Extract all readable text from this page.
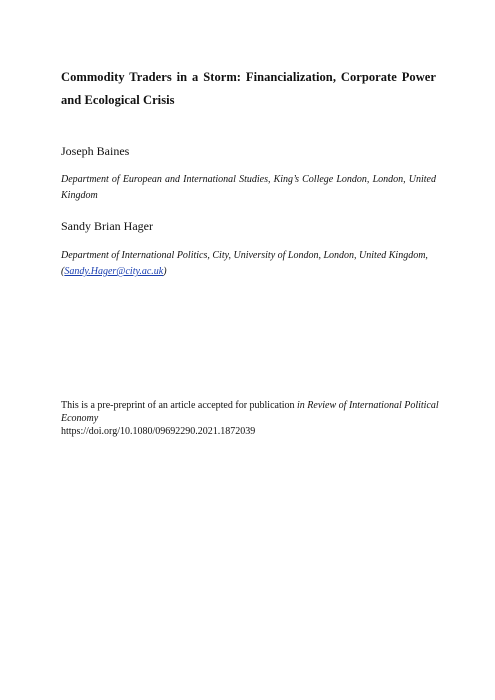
Commodity Traders in a Storm: Financialization, Corporate Power and Ecological Crisis

Joseph Baines

Department of European and International Studies, King’s College London, London, United Kingdom

Sandy Brian Hager

Department of International Politics, City, University of London, London, United Kingdom,
(Sandy.Hager@city.ac.uk)

This is a pre-preprint of an article accepted for publication in Review of International Political Economy
https://doi.org/10.1080/09692290.2021.1872039
